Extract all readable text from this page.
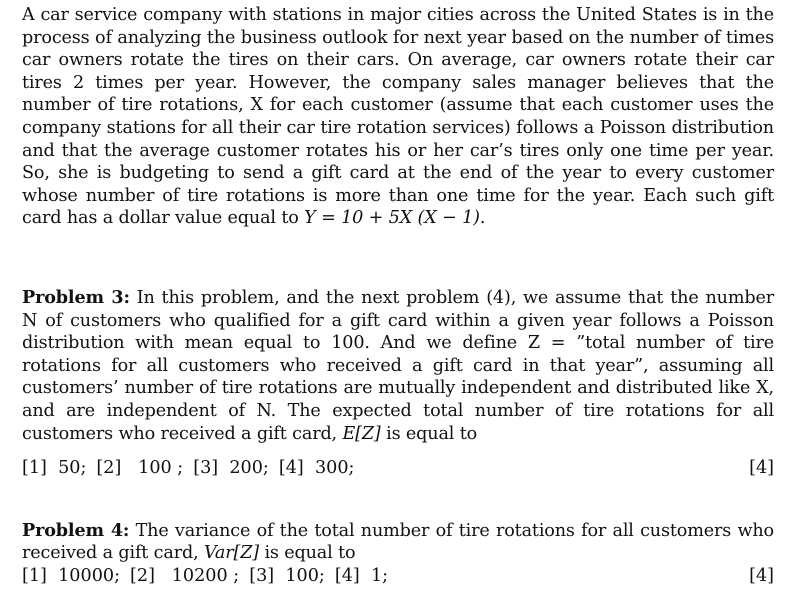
A car service company with stations in major cities across the United States is in the process of analyzing the business outlook for next year based on the number of times car owners rotate the tires on their cars. On average, car owners rotate their car tires 2 times per year. However, the company sales manager believes that the number of tire rotations, X for each customer (assume that each customer uses the company stations for all their car tire rotation services) follows a Poisson distribution and that the average customer rotates his or her car’s tires only one time per year. So, she is budgeting to send a gift card at the end of the year to every customer whose number of tire rotations is more than one time for the year. Each such gift card has a dollar value equal to Y = 10 + 5X (X − 1).

Problem 3: In this problem, and the next problem (4), we assume that the number N of customers who qualified for a gift card within a given year follows a Poisson distribution with mean equal to 100. And we define Z = ”total number of tire rotations for all customers who received a gift card in that year”, assuming all customers’ number of tire rotations are mutually independent and distributed like X, and are independent of N. The expected total number of tire rotations for all customers who received a gift card, E[Z] is equal to

[1]  50; [2]   100 ; [3]  200; [4]  300;	[4]

Problem 4: The variance of the total number of tire rotations for all customers who received a gift card, Var[Z] is equal to

[1]  10000; [2]   10200 ; [3]  100; [4]  1;	[4]
